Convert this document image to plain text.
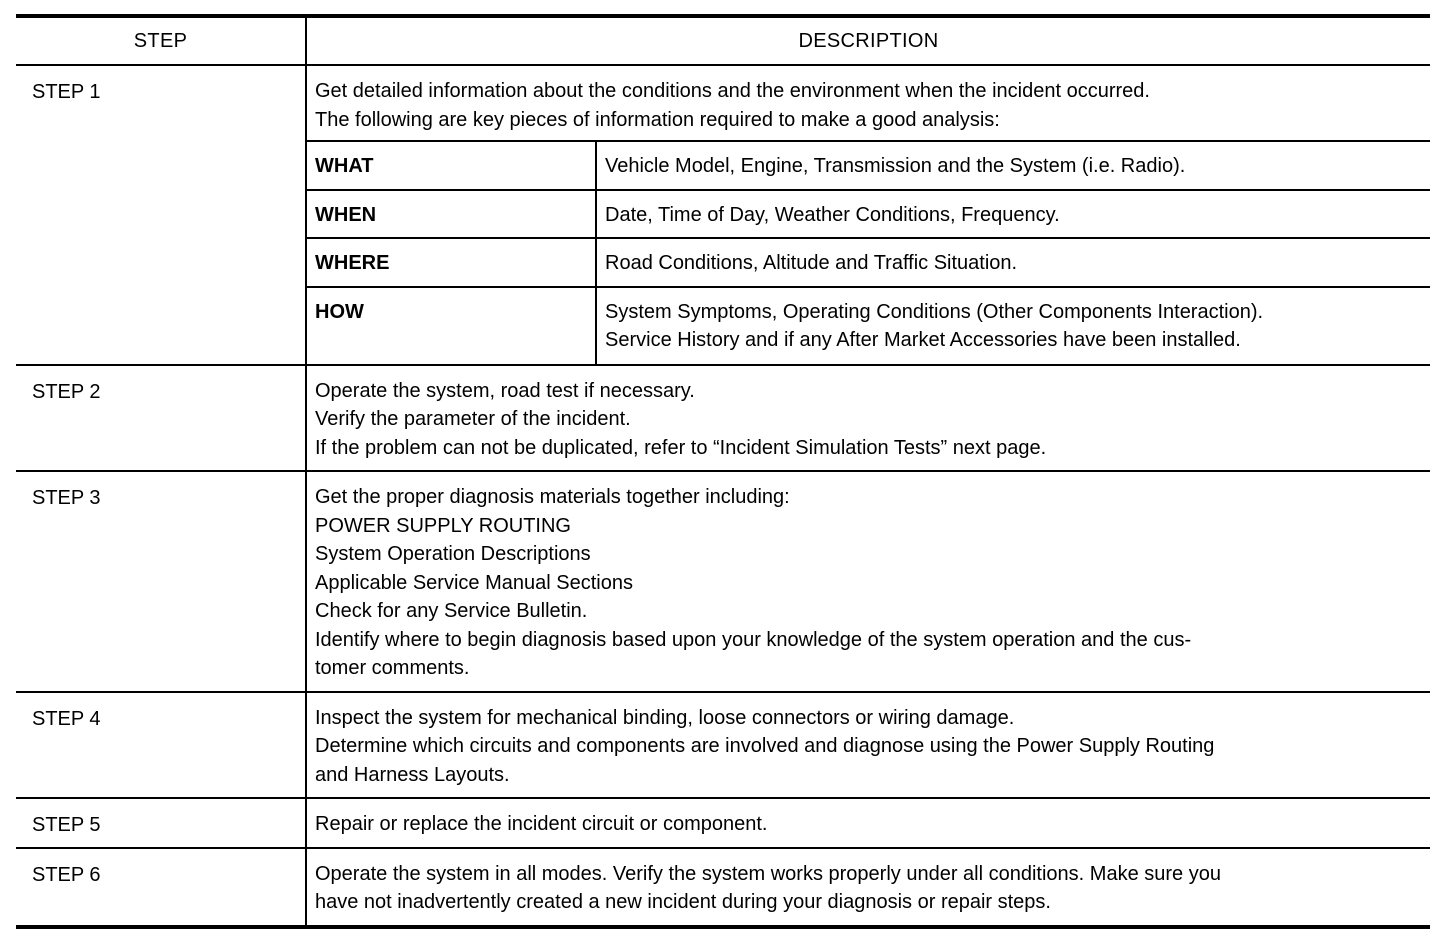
STEP	DESCRIPTION
STEP 1	Get detailed information about the conditions and the environment when the incident occurred.
The following are key pieces of information required to make a good analysis:
WHAT	Vehicle Model, Engine, Transmission and the System (i.e. Radio).

WHEN	Date, Time of Day, Weather Conditions, Frequency.

WHERE	Road Conditions, Altitude and Traffic Situation.

HOW	System Symptoms, Operating Conditions (Other Components Interaction).
Service History and if any After Market Accessories have been installed.

STEP 2	Operate the system, road test if necessary.
Verify the parameter of the incident.
If the problem can not be duplicated, refer to “Incident Simulation Tests” next page.

STEP 3	Get the proper diagnosis materials together including:
POWER SUPPLY ROUTING
System Operation Descriptions
Applicable Service Manual Sections
Check for any Service Bulletin.
Identify where to begin diagnosis based upon your knowledge of the system operation and the cus-
tomer comments.

STEP 4	Inspect the system for mechanical binding, loose connectors or wiring damage.
Determine which circuits and components are involved and diagnose using the Power Supply Routing
and Harness Layouts.

STEP 5	Repair or replace the incident circuit or component.

STEP 6	Operate the system in all modes. Verify the system works properly under all conditions. Make sure you
have not inadvertently created a new incident during your diagnosis or repair steps.
